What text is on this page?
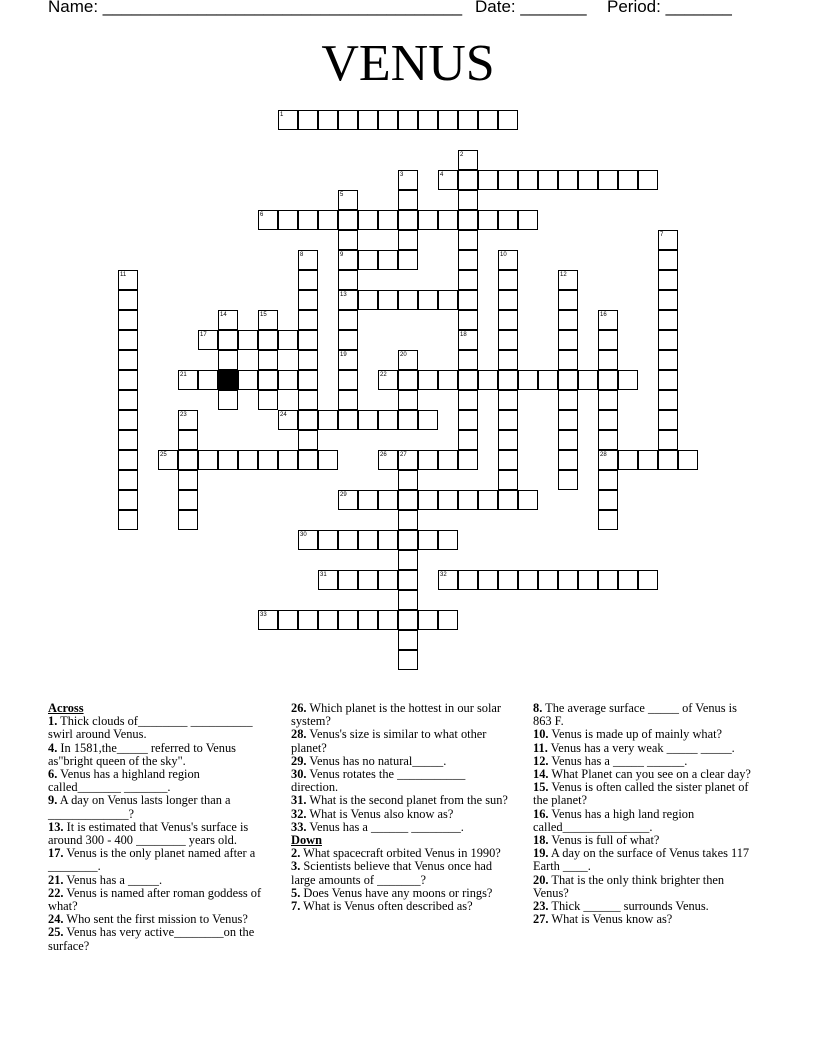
Name: ______________________________________ Date: _______ Period: _______
VENUS
1
2
3	4
5
6
7
8	9	10
11	12
13
14	15	16
17	18
19	20
21	22
23	24
25	26 27	28
29
30
31	32
33
Across
1. Thick clouds of________ __________ swirl around Venus.
4. In 1581,the_____ referred to Venus as"bright queen of the sky".
6. Venus has a highland region called_______ _______.
9. A day on Venus lasts longer than a _____________?
13. It is estimated that Venus's surface is around 300 - 400 ________ years old.
17. Venus is the only planet named after a ________.
21. Venus has a _____.
22. Venus is named after roman goddess of what?
24. Who sent the first mission to Venus?
25. Venus has very active________on the surface?
26. Which planet is the hottest in our solar system?
28. Venus's size is similar to what other planet?
29. Venus has no natural_____.
30. Venus rotates the ___________ direction.
31. What is the second planet from the sun?
32. What is Venus also know as?
33. Venus has a ______ ________.
Down
2. What spacecraft orbited Venus in 1990?
3. Scientists believe that Venus once had large amounts of _______?
5. Does Venus have any moons or rings?
7. What is Venus often described as?
8. The average surface _____ of Venus is 863 F.
10. Venus is made up of mainly what?
11. Venus has a very weak _____ _____.
12. Venus has a _____ ______.
14. What Planet can you see on a clear day?
15. Venus is often called the sister planet of the planet?
16. Venus has a high land region called______________.
18. Venus is full of what?
19. A day on the surface of Venus takes 117 Earth ____.
20. That is the only think brighter then Venus?
23. Thick ______ surrounds Venus.
27. What is Venus know as?
